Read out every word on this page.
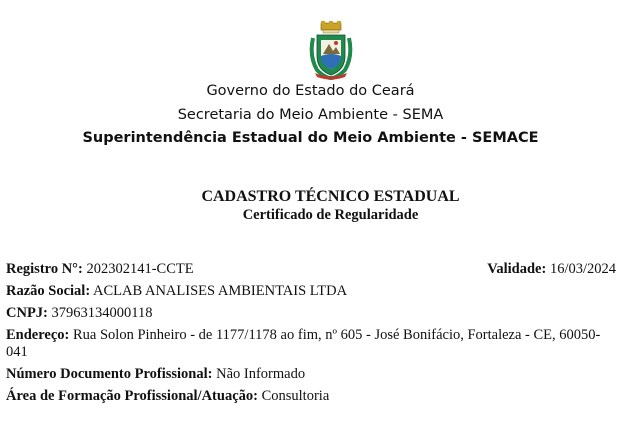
Governo do Estado do Ceará
Secretaria do Meio Ambiente - SEMA
Superintendência Estadual do Meio Ambiente - SEMACE
CADASTRO TÉCNICO ESTADUAL
Certificado de Regularidade
Registro N°: 202302141-CCTE	Validade: 16/03/2024
Razão Social: ACLAB ANALISES AMBIENTAIS LTDA
CNPJ: 37963134000118
Endereço: Rua Solon Pinheiro - de 1177/1178 ao fim, nº 605 - José Bonifácio, Fortaleza - CE, 60050-041
Número Documento Profissional: Não Informado
Área de Formação Profissional/Atuação: Consultoria
